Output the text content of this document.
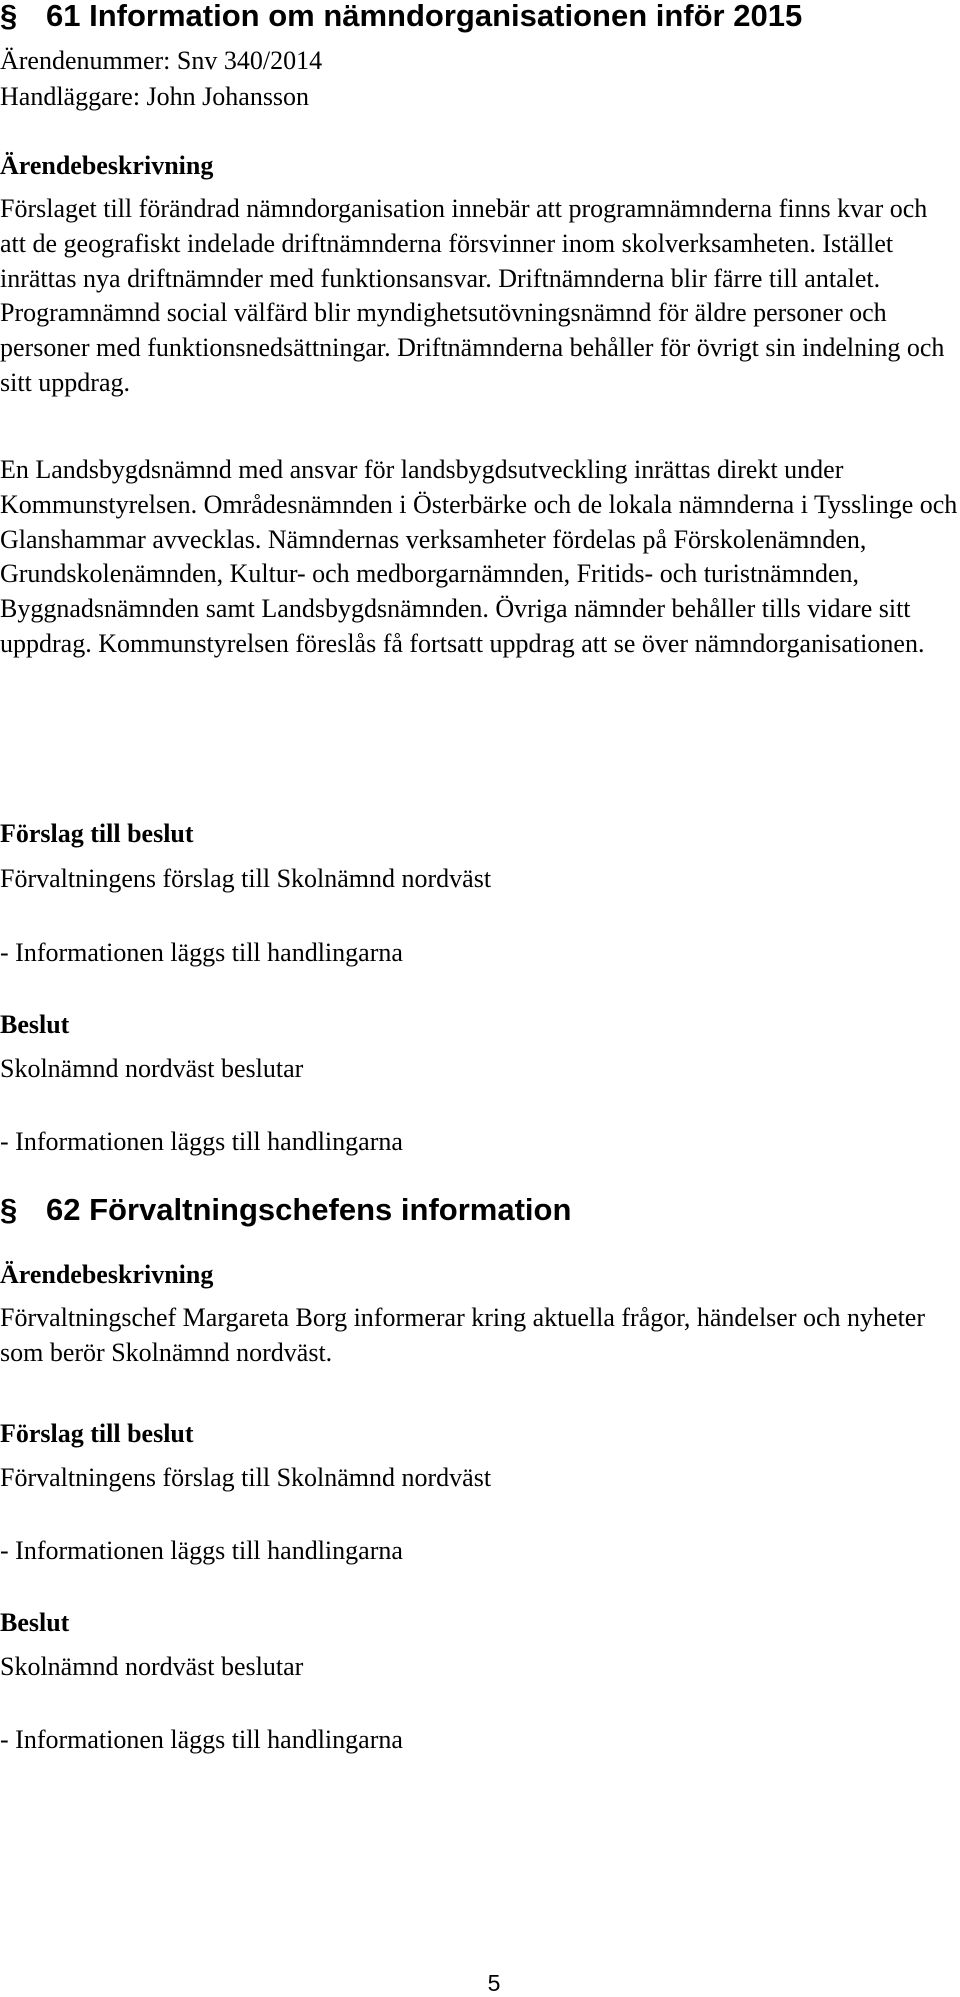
§ 61 Information om nämndorganisationen inför 2015
Ärendenummer: Snv 340/2014
Handläggare: John Johansson
Ärendebeskrivning

Förslaget till förändrad nämndorganisation innebär att programnämnderna finns kvar och att de geografiskt indelade driftnämnderna försvinner inom skolverksamheten. Istället inrättas nya driftnämnder med funktionsansvar. Driftnämnderna blir färre till antalet. Programnämnd social välfärd blir myndighetsutövningsnämnd för äldre personer och personer med funktionsnedsättningar. Driftnämnderna behåller för övrigt sin indelning och sitt uppdrag.

En Landsbygdsnämnd med ansvar för landsbygdsutveckling inrättas direkt under Kommunstyrelsen. Områdesnämnden i Österbärke och de lokala nämnderna i Tysslinge och Glanshammar avvecklas. Nämndernas verksamheter fördelas på Förskolenämnden, Grundskolenämnden, Kultur- och medborgarnämnden, Fritids- och turistnämnden, Byggnadsnämnden samt Landsbygdsnämnden. Övriga nämnder behåller tills vidare sitt uppdrag. Kommunstyrelsen föreslås få fortsatt uppdrag att se över nämndorganisationen.

Förslag till beslut
Förvaltningens förslag till Skolnämnd nordväst
- Informationen läggs till handlingarna
Beslut
Skolnämnd nordväst beslutar
- Informationen läggs till handlingarna
§ 62 Förvaltningschefens information
Ärendebeskrivning

Förvaltningschef Margareta Borg informerar kring aktuella frågor, händelser och nyheter som berör Skolnämnd nordväst.

Förslag till beslut
Förvaltningens förslag till Skolnämnd nordväst
- Informationen läggs till handlingarna
Beslut
Skolnämnd nordväst beslutar
- Informationen läggs till handlingarna
5
